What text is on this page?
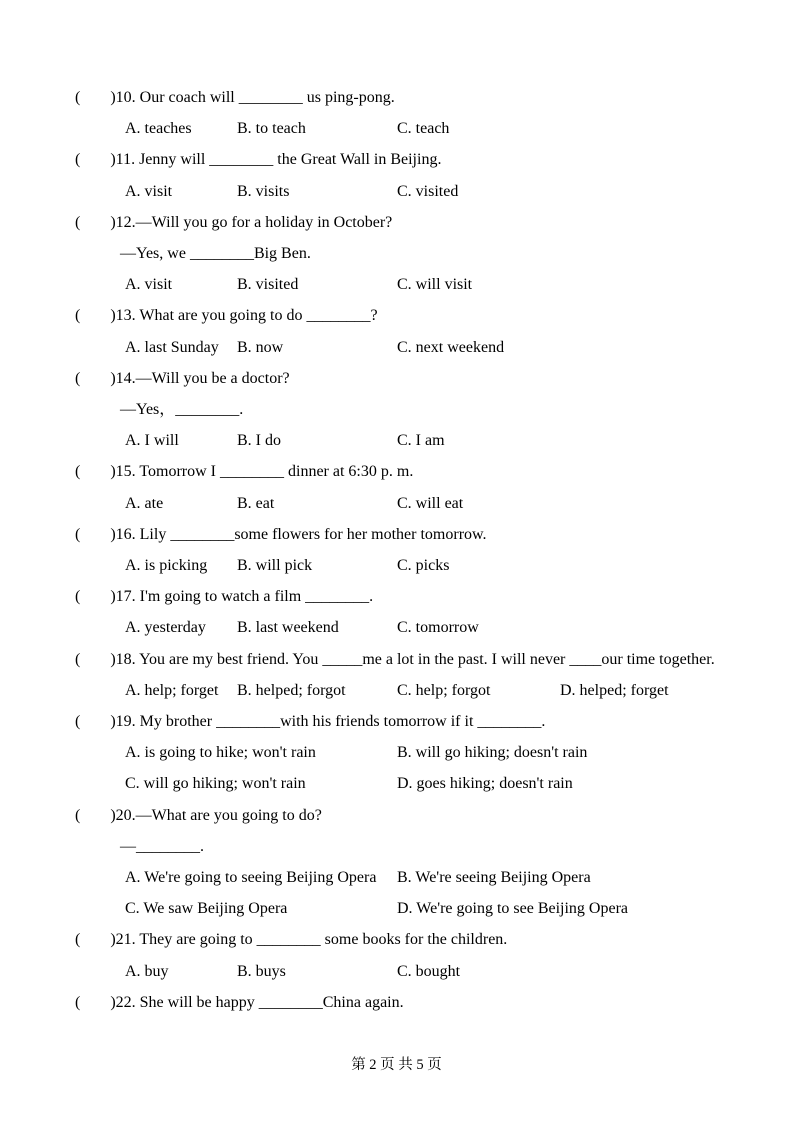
( )10. Our coach will ________ us ping-pong.
A. teaches	B. to teach	C. teach
( )11. Jenny will ________ the Great Wall in Beijing.
A. visit	B. visits	C. visited
( )12.—Will you go for a holiday in October?
—Yes, we ________Big Ben.
A. visit	B. visited	C. will visit
( )13. What are you going to do ________?
A. last Sunday	B. now	C. next weekend
( )14.—Will you be a doctor?
—Yes，________.
A. I will	B. I do	C. I am
( )15. Tomorrow I ________ dinner at 6:30 p. m.
A. ate	B. eat	C. will eat
( )16. Lily ________some flowers for her mother tomorrow.
A. is picking	B. will pick	C. picks
( )17. I'm going to watch a film ________.
A. yesterday	B. last weekend	C. tomorrow
( )18. You are my best friend. You _____me a lot in the past. I will never ____our time together.
A. help; forget	B. helped; forgot	C. help; forgot	D. helped; forget
( )19. My brother ________with his friends tomorrow if it ________.
A. is going to hike; won't rain	B. will go hiking; doesn't rain
C. will go hiking; won't rain	D. goes hiking; doesn't rain
( )20.—What are you going to do?
—________.
A. We're going to seeing Beijing Opera	B. We're seeing Beijing Opera
C. We saw Beijing Opera	D. We're going to see Beijing Opera
( )21. They are going to ________ some books for the children.
A. buy	B. buys	C. bought
( )22. She will be happy ________China again.
第 2 页 共 5 页
